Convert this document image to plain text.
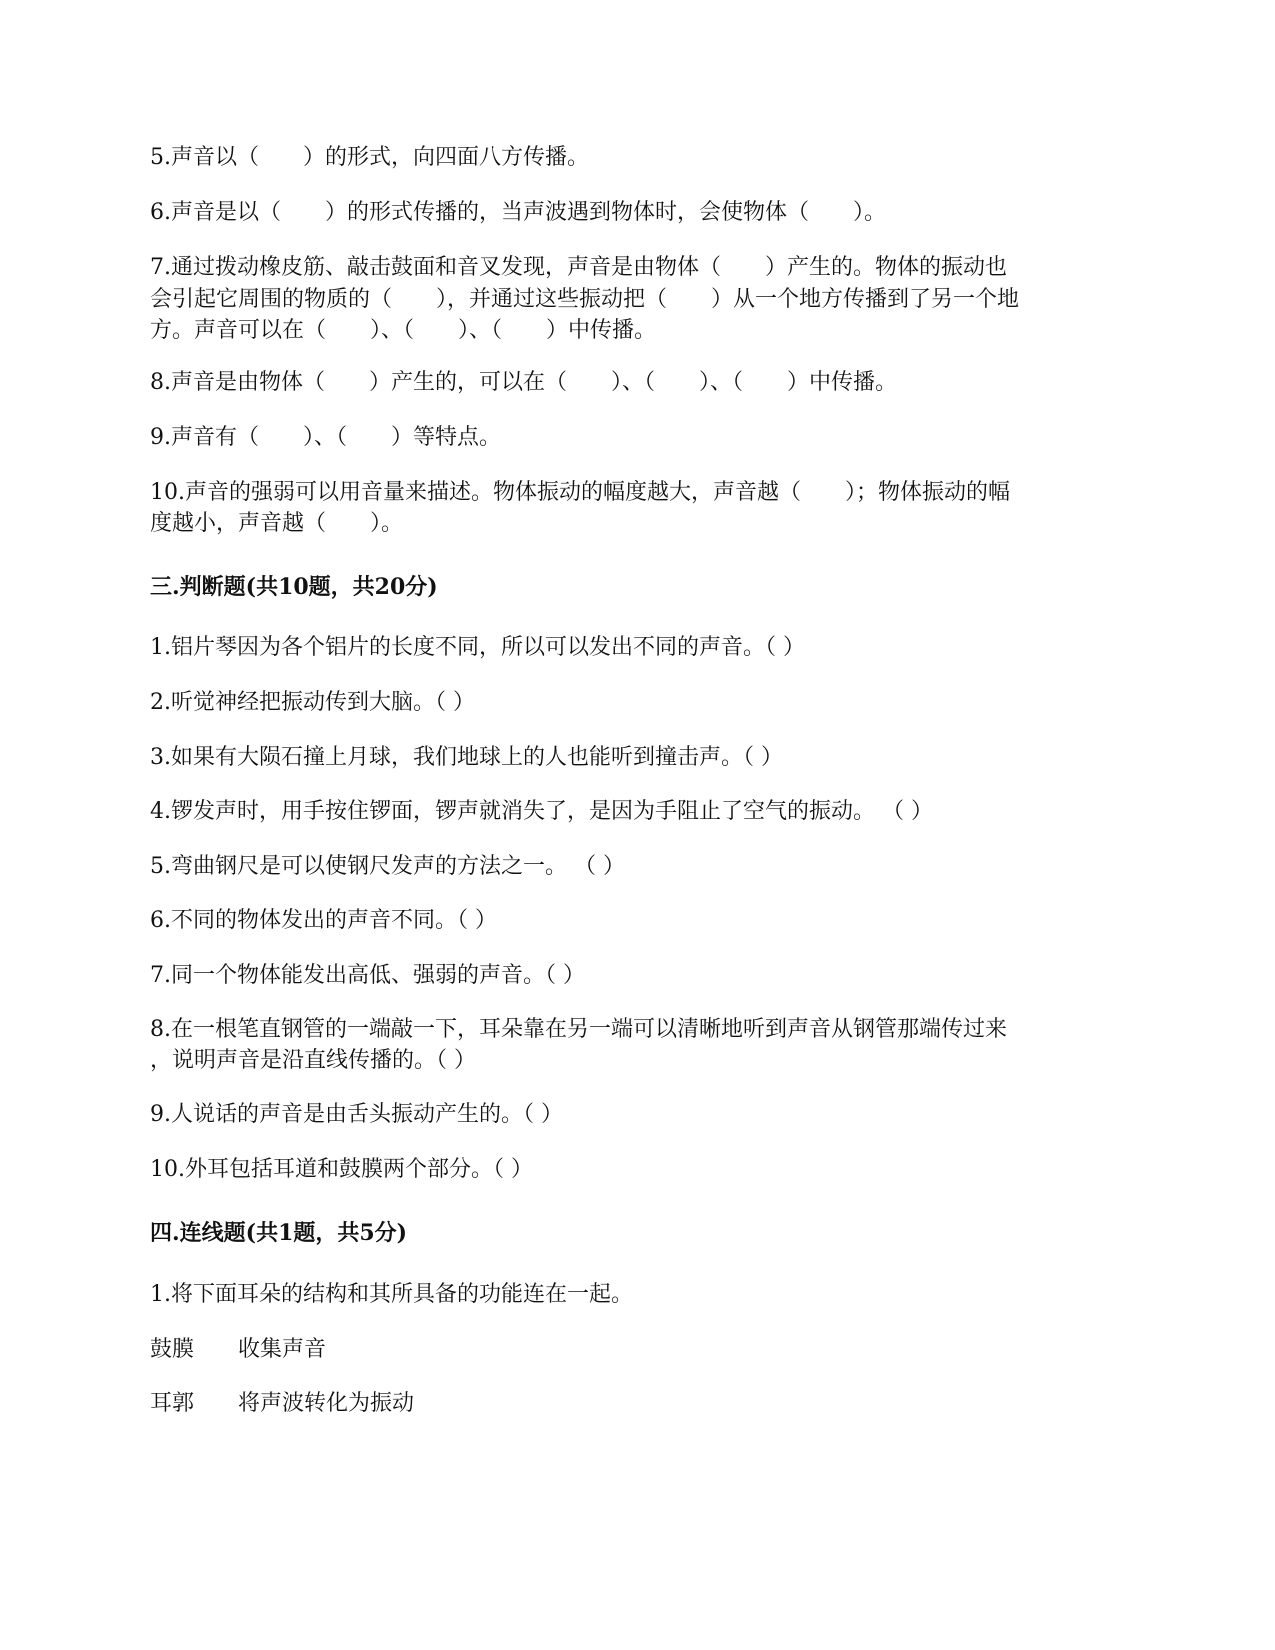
5.声音以（　　）的形式，向四面八方传播。
6.声音是以（　　）的形式传播的，当声波遇到物体时，会使物体（　　）。
7.通过拨动橡皮筋、敲击鼓面和音叉发现，声音是由物体（　　）产生的。物体的振动也
会引起它周围的物质的（　　），并通过这些振动把（　　）从一个地方传播到了另一个地
方。声音可以在（　　）、（　　）、（　　）中传播。
8.声音是由物体（　　）产生的，可以在（　　）、（　　）、（　　）中传播。
9.声音有（　　）、（　　）等特点。
10.声音的强弱可以用音量来描述。物体振动的幅度越大，声音越（　　）；物体振动的幅
度越小，声音越（　　）。
三.判断题(共10题，共20分)
1.铝片琴因为各个铝片的长度不同，所以可以发出不同的声音。（ ）
2.听觉神经把振动传到大脑。（ ）
3.如果有大陨石撞上月球，我们地球上的人也能听到撞击声。（ ）
4.锣发声时，用手按住锣面，锣声就消失了，是因为手阻止了空气的振动。 （ ）
5.弯曲钢尺是可以使钢尺发声的方法之一。 （ ）
6.不同的物体发出的声音不同。（ ）
7.同一个物体能发出高低、强弱的声音。（ ）
8.在一根笔直钢管的一端敲一下，耳朵靠在另一端可以清晰地听到声音从钢管那端传过来
，说明声音是沿直线传播的。（ ）
9.人说话的声音是由舌头振动产生的。（ ）
10.外耳包括耳道和鼓膜两个部分。（ ）
四.连线题(共1题，共5分)
1.将下面耳朵的结构和其所具备的功能连在一起。
鼓膜　　收集声音
耳郭　　将声波转化为振动
